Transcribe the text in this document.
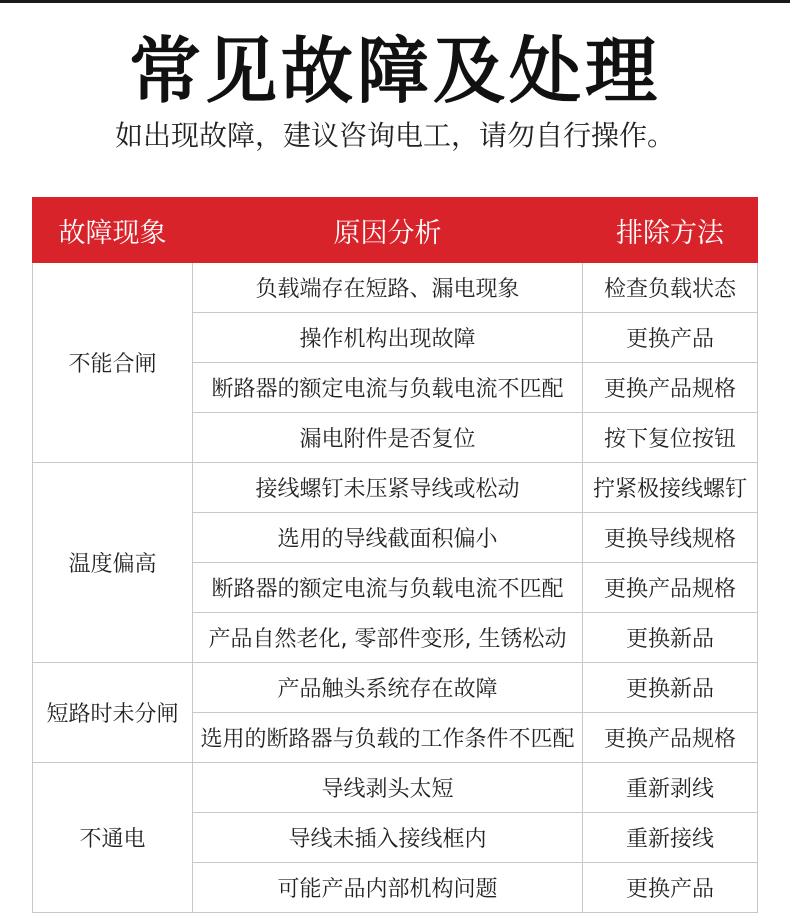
常见故障及处理
如出现故障，建议咨询电工，请勿自行操作。
故障现象	原因分析	排除方法
不能合闸	负载端存在短路、漏电现象	检查负载状态
	操作机构出现故障	更换产品
	断路器的额定电流与负载电流不匹配	更换产品规格
	漏电附件是否复位	按下复位按钮
温度偏高	接线螺钉未压紧导线或松动	拧紧极接线螺钉
	选用的导线截面积偏小	更换导线规格
	断路器的额定电流与负载电流不匹配	更换产品规格
	产品自然老化, 零部件变形, 生锈松动	更换新品
短路时未分闸	产品触头系统存在故障	更换新品
	选用的断路器与负载的工作条件不匹配	更换产品规格
不通电	导线剥头太短	重新剥线
	导线未插入接线框内	重新接线
	可能产品内部机构问题	更换产品
